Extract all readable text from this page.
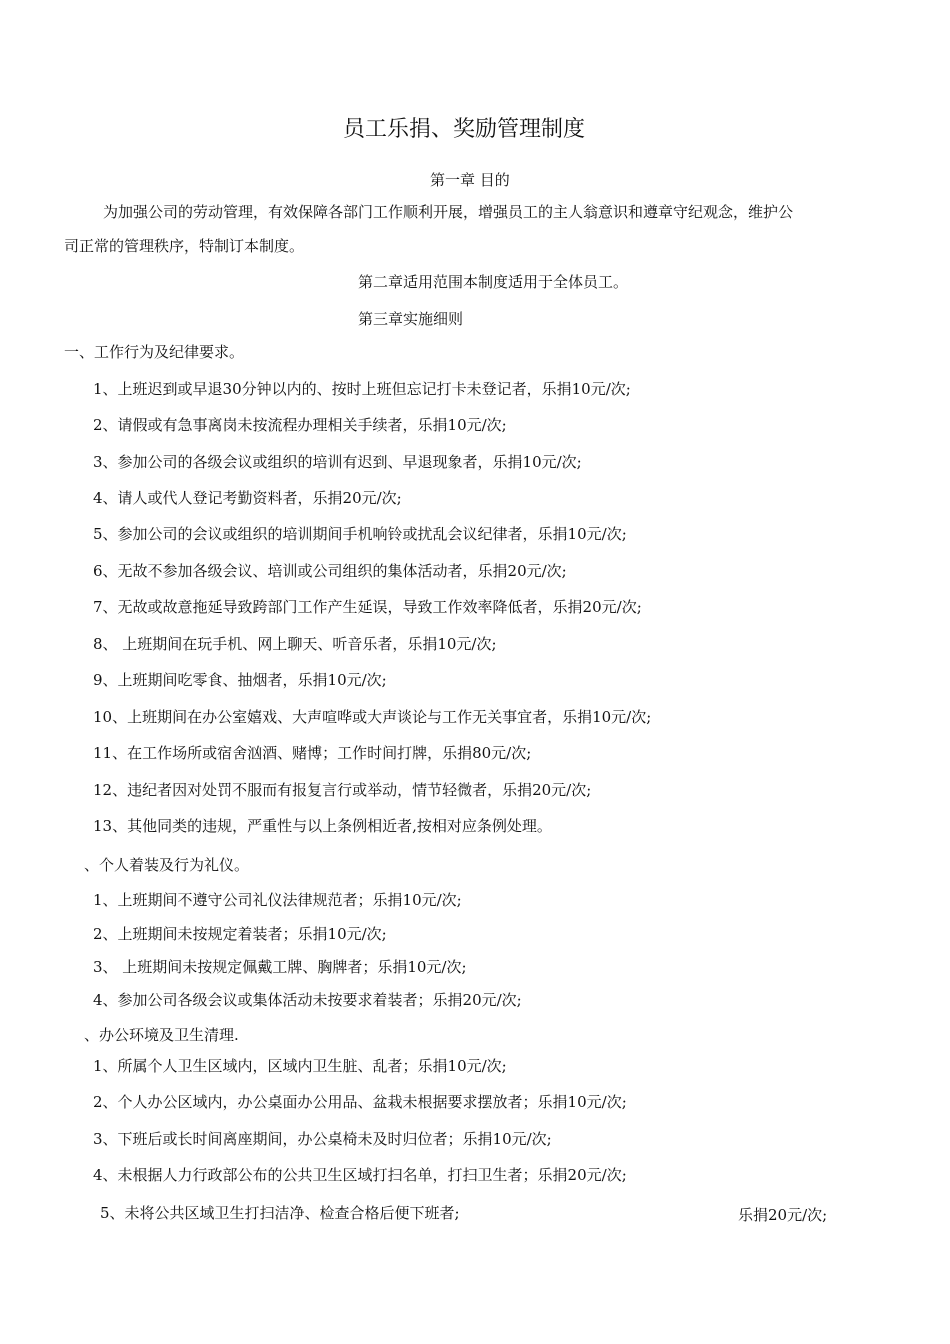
员工乐捐、奖励管理制度
第一章 目的
为加强公司的劳动管理，有效保障各部门工作顺利开展，增强员工的主人翁意识和遵章守纪观念，维护公
司正常的管理秩序，特制订本制度。
第二章适用范围本制度适用于全体员工。
第三章实施细则
一、工作行为及纪律要求。
1、上班迟到或早退30分钟以内的、按时上班但忘记打卡未登记者，乐捐10元/次;
2、请假或有急事离岗未按流程办理相关手续者，乐捐10元/次;
3、参加公司的各级会议或组织的培训有迟到、早退现象者，乐捐10元/次;
4、请人或代人登记考勤资料者，乐捐20元/次;
5、参加公司的会议或组织的培训期间手机响铃或扰乱会议纪律者，乐捐10元/次;
6、无故不参加各级会议、培训或公司组织的集体活动者，乐捐20元/次;
7、无故或故意拖延导致跨部门工作产生延误，导致工作效率降低者，乐捐20元/次;
8、 上班期间在玩手机、网上聊天、听音乐者，乐捐10元/次;
9、上班期间吃零食、抽烟者，乐捐10元/次;
10、上班期间在办公室嬉戏、大声喧哗或大声谈论与工作无关事宜者，乐捐10元/次;
11、在工作场所或宿舍汹酒、赌博；工作时间打牌，乐捐80元/次;
12、违纪者因对处罚不服而有报复言行或举动，情节轻微者，乐捐20元/次;
13、其他同类的违规，严重性与以上条例相近者,按相对应条例处理。
、个人着装及行为礼仪。
1、上班期间不遵守公司礼仪法律规范者；乐捐10元/次;
2、上班期间未按规定着装者；乐捐10元/次;
3、 上班期间未按规定佩戴工牌、胸牌者；乐捐10元/次;
4、参加公司各级会议或集体活动未按要求着装者；乐捐20元/次;
、办公环境及卫生清理.
1、所属个人卫生区域内，区域内卫生脏、乱者；乐捐10元/次;
2、个人办公区域内，办公桌面办公用品、盆栽未根据要求摆放者；乐捐10元/次;
3、下班后或长时间离座期间，办公桌椅未及时归位者；乐捐10元/次;
4、未根据人力行政部公布的公共卫生区域打扫名单，打扫卫生者；乐捐20元/次;
5、未将公共区域卫生打扫洁净、检查合格后便下班者;	乐捐20元/次;
